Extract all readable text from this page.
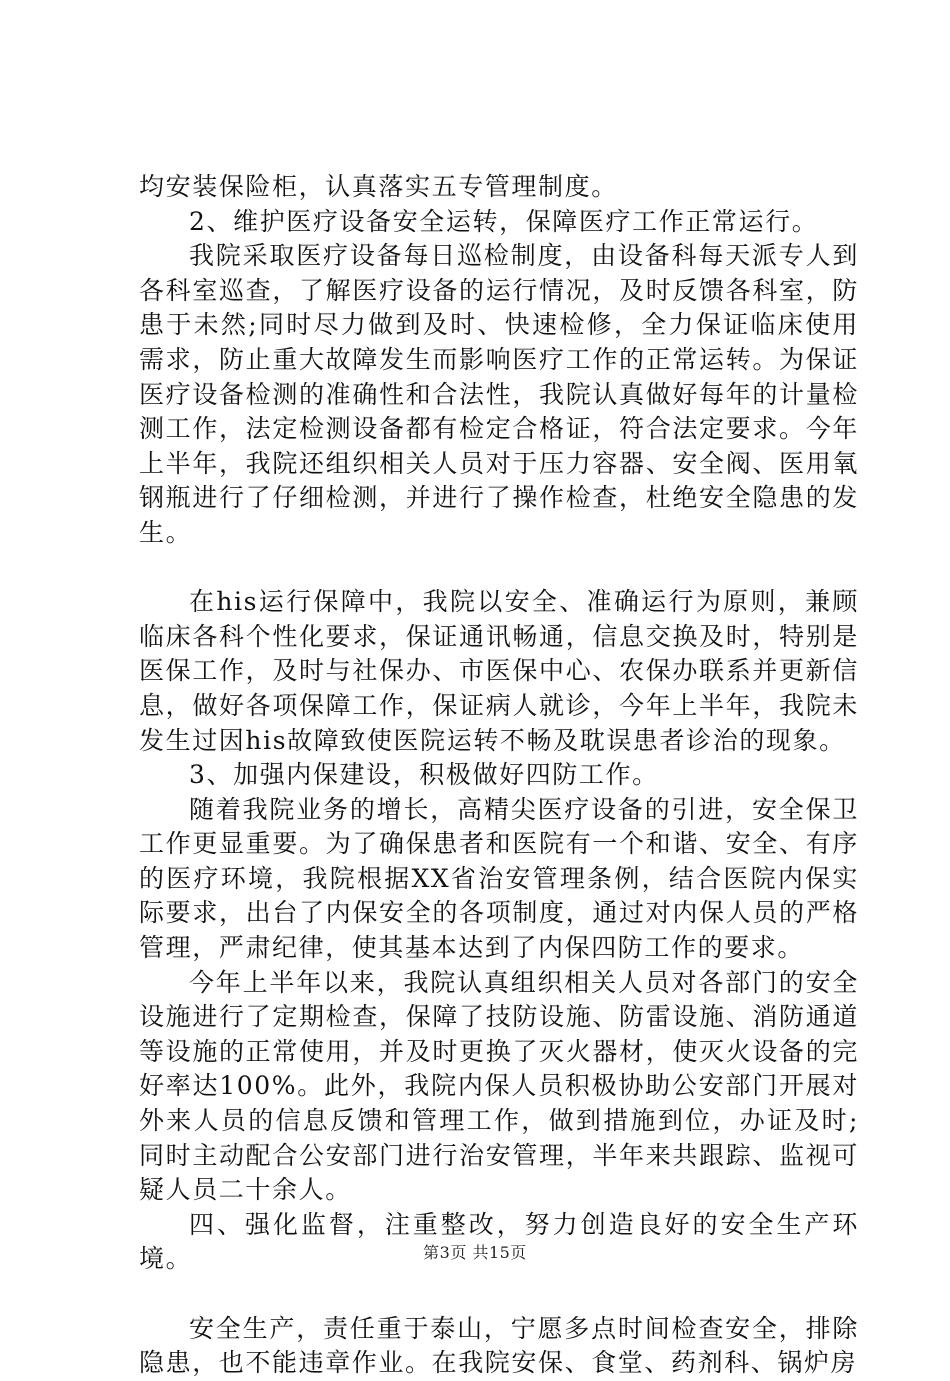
均安装保险柜，认真落实五专管理制度。

2、维护医疗设备安全运转，保障医疗工作正常运行。

我院采取医疗设备每日巡检制度，由设备科每天派专人到各科室巡查，了解医疗设备的运行情况，及时反馈各科室，防患于未然;同时尽力做到及时、快速检修，全力保证临床使用需求，防止重大故障发生而影响医疗工作的正常运转。为保证医疗设备检测的准确性和合法性，我院认真做好每年的计量检测工作，法定检测设备都有检定合格证，符合法定要求。今年上半年，我院还组织相关人员对于压力容器、安全阀、医用氧钢瓶进行了仔细检测，并进行了操作检查，杜绝安全隐患的发生。

在his运行保障中，我院以安全、准确运行为原则，兼顾临床各科个性化要求，保证通讯畅通，信息交换及时，特别是医保工作，及时与社保办、市医保中心、农保办联系并更新信息，做好各项保障工作，保证病人就诊，今年上半年，我院未发生过因his故障致使医院运转不畅及耽误患者诊治的现象。

3、加强内保建设，积极做好四防工作。

随着我院业务的增长，高精尖医疗设备的引进，安全保卫工作更显重要。为了确保患者和医院有一个和谐、安全、有序的医疗环境，我院根据XX省治安管理条例，结合医院内保实际要求，出台了内保安全的各项制度，通过对内保人员的严格管理，严肃纪律，使其基本达到了内保四防工作的要求。

今年上半年以来，我院认真组织相关人员对各部门的安全设施进行了定期检查，保障了技防设施、防雷设施、消防通道等设施的正常使用，并及时更换了灭火器材，使灭火设备的完好率达100%。此外，我院内保人员积极协助公安部门开展对外来人员的信息反馈和管理工作，做到措施到位，办证及时;同时主动配合公安部门进行治安管理，半年来共跟踪、监视可疑人员二十余人。

四、强化监督，注重整改，努力创造良好的安全生产环境。

安全生产，责任重于泰山，宁愿多点时间检查安全，排除隐患，也不能违章作业。在我院安保、食堂、药剂科、锅炉房

第3页 共15页
